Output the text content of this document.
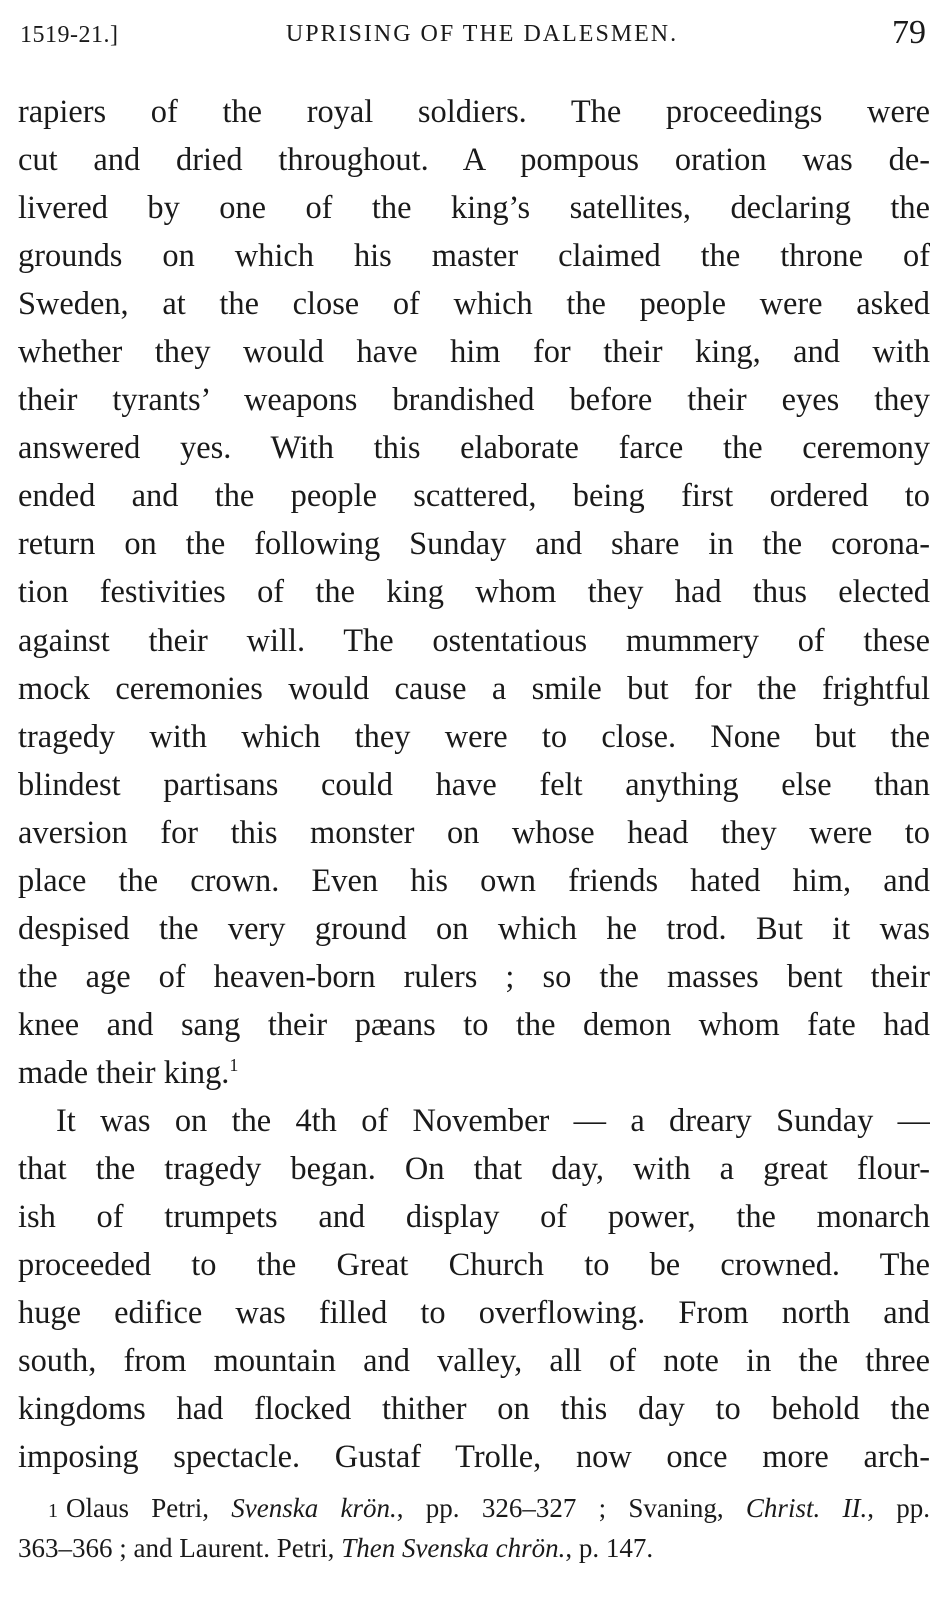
1519-21.]	UPRISING OF THE DALESMEN.	79
rapiers of the royal soldiers. The proceedings were
cut and dried throughout. A pompous oration was de-
livered by one of the king’s satellites, declaring the
grounds on which his master claimed the throne of
Sweden, at the close of which the people were asked
whether they would have him for their king, and with
their tyrants’ weapons brandished before their eyes they
answered yes. With this elaborate farce the ceremony
ended and the people scattered, being first ordered to
return on the following Sunday and share in the corona-
tion festivities of the king whom they had thus elected
against their will. The ostentatious mummery of these
mock ceremonies would cause a smile but for the frightful
tragedy with which they were to close. None but the
blindest partisans could have felt anything else than
aversion for this monster on whose head they were to
place the crown. Even his own friends hated him, and
despised the very ground on which he trod. But it was
the age of heaven-born rulers ; so the masses bent their
knee and sang their pæans to the demon whom fate had
made their king.$^1$
It was on the 4th of November — a dreary Sunday —
that the tragedy began. On that day, with a great flour-
ish of trumpets and display of power, the monarch
proceeded to the Great Church to be crowned. The
huge edifice was filled to overflowing. From north and
south, from mountain and valley, all of note in the three
kingdoms had flocked thither on this day to behold the
imposing spectacle. Gustaf Trolle, now once more arch-
1 Olaus Petri, Svenska krön., pp. 326–327 ; Svaning, Christ. II., pp.
363–366 ; and Laurent. Petri, Then Svenska chrön., p. 147.
